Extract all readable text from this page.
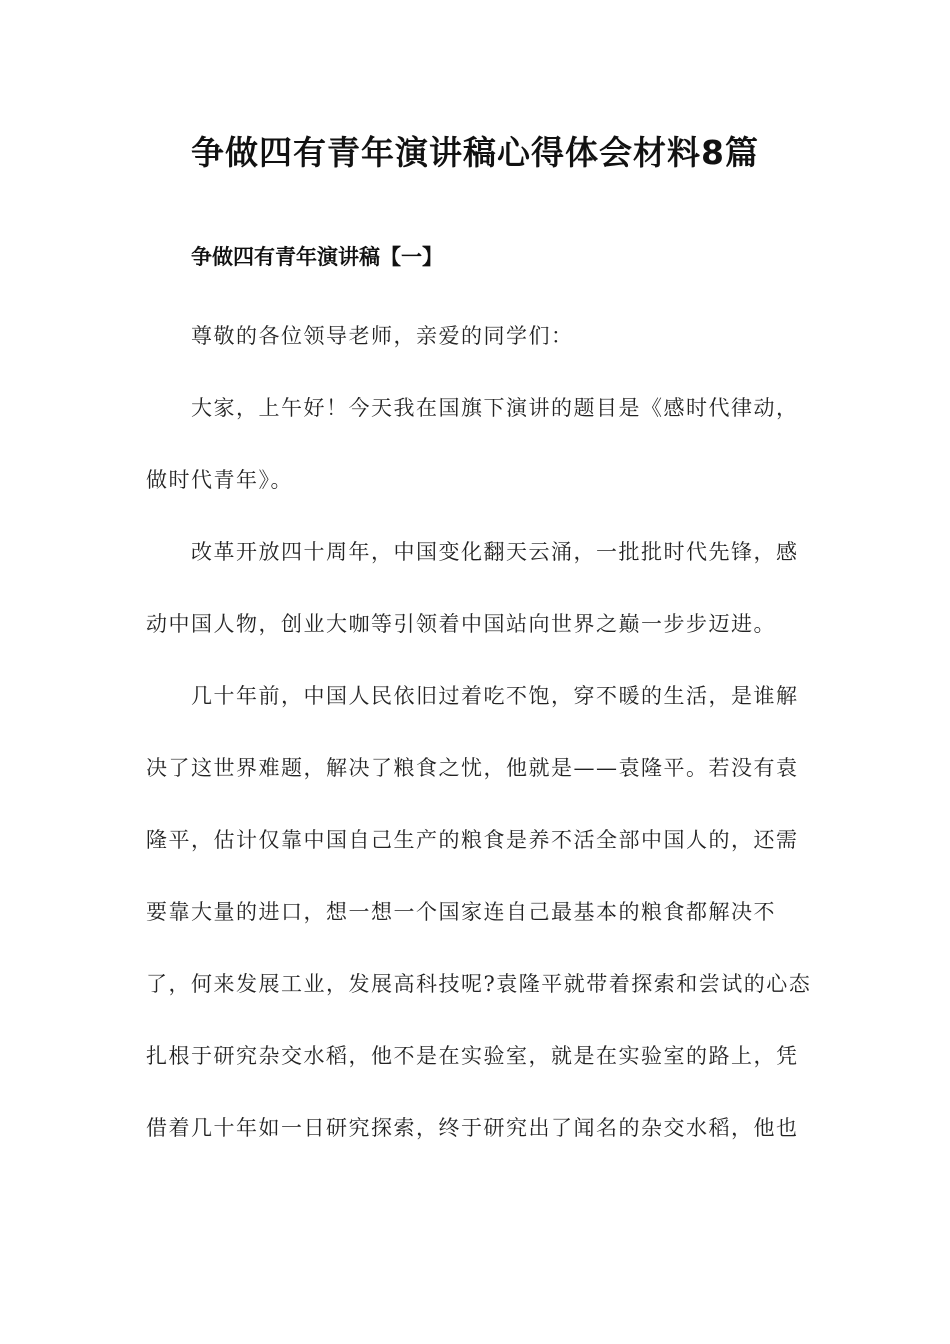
争做四有青年演讲稿心得体会材料8篇
争做四有青年演讲稿【一】
尊敬的各位领导老师，亲爱的同学们：
大家，上午好！今天我在国旗下演讲的题目是《感时代律动，
做时代青年》。
改革开放四十周年，中国变化翻天云涌，一批批时代先锋，感
动中国人物，创业大咖等引领着中国站向世界之巅一步步迈进。
几十年前，中国人民依旧过着吃不饱，穿不暖的生活，是谁解
决了这世界难题，解决了粮食之忧，他就是——袁隆平。若没有袁
隆平，估计仅靠中国自己生产的粮食是养不活全部中国人的，还需
要靠大量的进口，想一想一个国家连自己最基本的粮食都解决不
了，何来发展工业，发展高科技呢?袁隆平就带着探索和尝试的心态
扎根于研究杂交水稻，他不是在实验室，就是在实验室的路上，凭
借着几十年如一日研究探索，终于研究出了闻名的杂交水稻，他也
